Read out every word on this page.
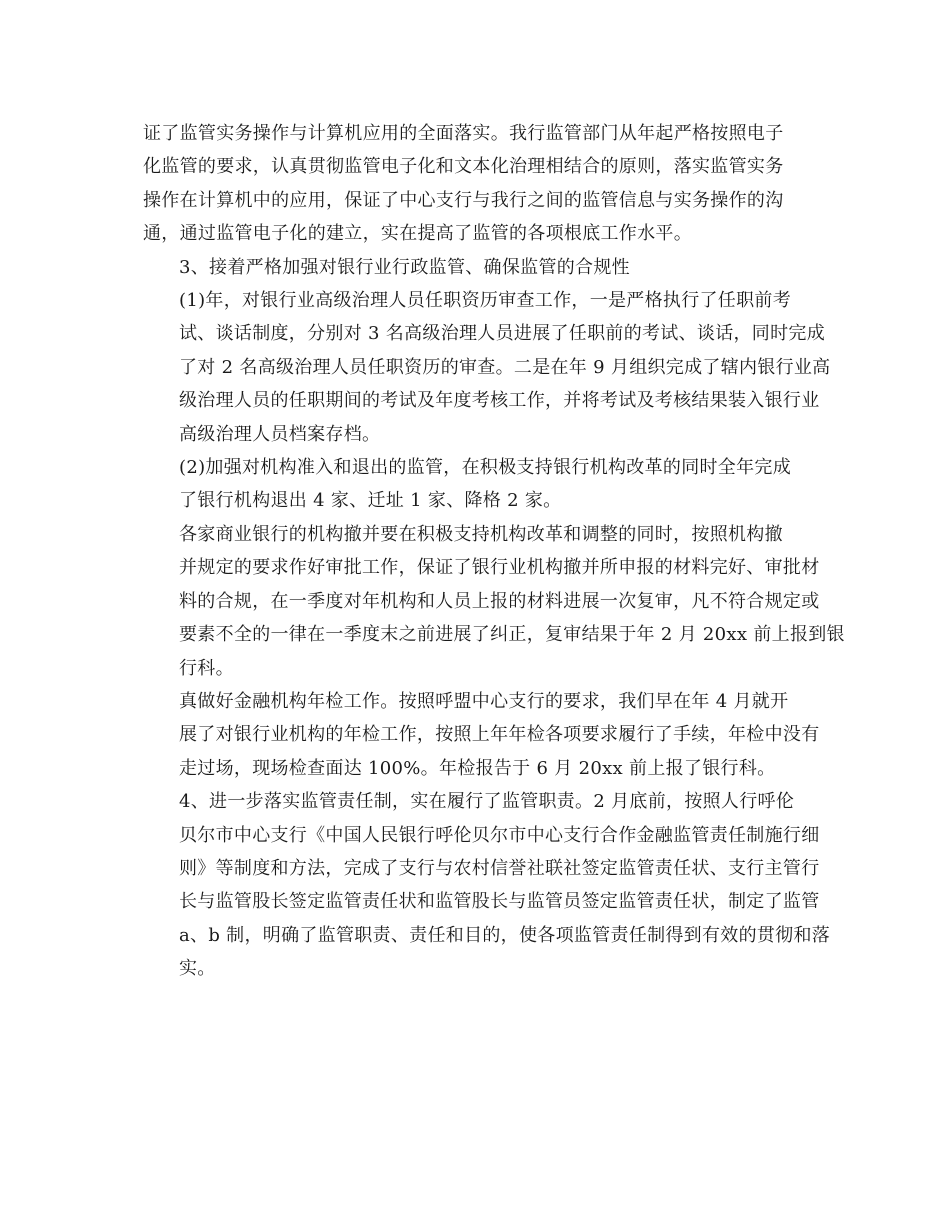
证了监管实务操作与计算机应用的全面落实。我行监管部门从年起严格按照电子
化监管的要求，认真贯彻监管电子化和文本化治理相结合的原则，落实监管实务
操作在计算机中的应用，保证了中心支行与我行之间的监管信息与实务操作的沟
通，通过监管电子化的建立，实在提高了监管的各项根底工作水平。
3、接着严格加强对银行业行政监管、确保监管的合规性
(1)年，对银行业高级治理人员任职资历审查工作，一是严格执行了任职前考
试、谈话制度，分别对 3 名高级治理人员进展了任职前的考试、谈话，同时完成
了对 2 名高级治理人员任职资历的审查。二是在年 9 月组织完成了辖内银行业高
级治理人员的任职期间的考试及年度考核工作，并将考试及考核结果装入银行业
高级治理人员档案存档。
(2)加强对机构准入和退出的监管，在积极支持银行机构改革的同时全年完成
了银行机构退出 4 家、迁址 1 家、降格 2 家。
各家商业银行的机构撤并要在积极支持机构改革和调整的同时，按照机构撤
并规定的要求作好审批工作，保证了银行业机构撤并所申报的材料完好、审批材
料的合规，在一季度对年机构和人员上报的材料进展一次复审，凡不符合规定或
要素不全的一律在一季度末之前进展了纠正，复审结果于年 2 月 20xx 前上报到银
行科。
真做好金融机构年检工作。按照呼盟中心支行的要求，我们早在年 4 月就开
展了对银行业机构的年检工作，按照上年年检各项要求履行了手续，年检中没有
走过场，现场检查面达 100%。年检报告于 6 月 20xx 前上报了银行科。
4、进一步落实监管责任制，实在履行了监管职责。2 月底前，按照人行呼伦
贝尔市中心支行《中国人民银行呼伦贝尔市中心支行合作金融监管责任制施行细
则》等制度和方法，完成了支行与农村信誉社联社签定监管责任状、支行主管行
长与监管股长签定监管责任状和监管股长与监管员签定监管责任状，制定了监管
a、b 制，明确了监管职责、责任和目的，使各项监管责任制得到有效的贯彻和落
实。
